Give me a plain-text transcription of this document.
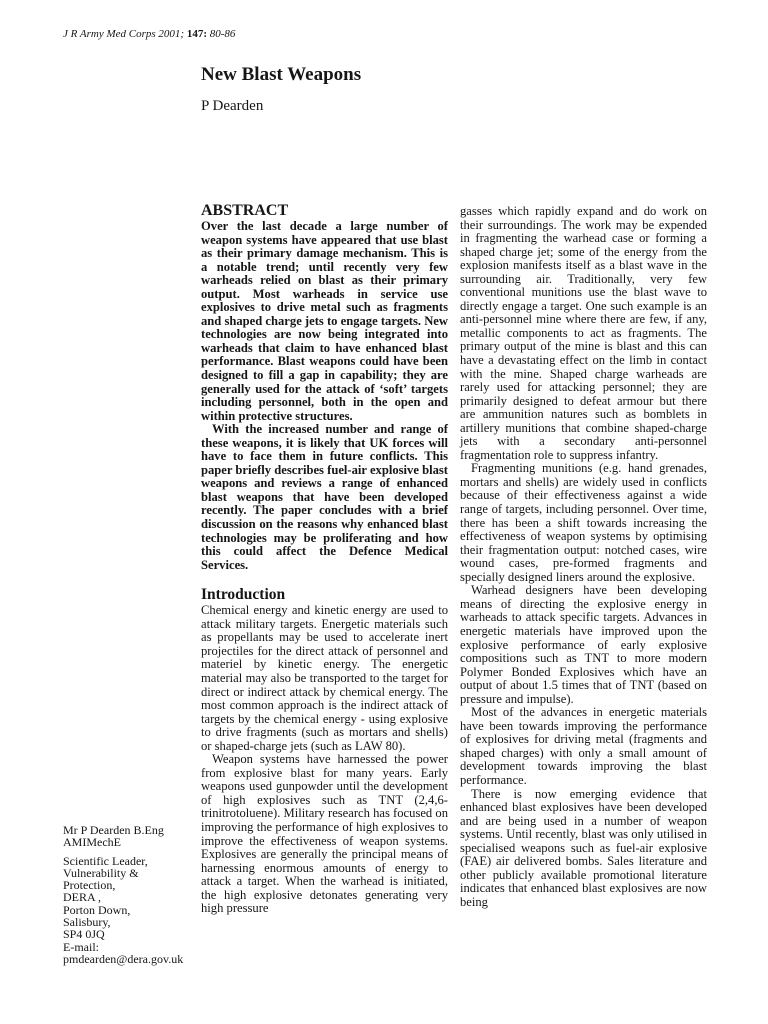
J R Army Med Corps 2001; 147: 80-86
New Blast Weapons
P Dearden
ABSTRACT

Over the last decade a large number of weapon systems have appeared that use blast as their primary damage mechanism. This is a notable trend; until recently very few warheads relied on blast as their primary output. Most warheads in service use explosives to drive metal such as fragments and shaped charge jets to engage targets. New technologies are now being integrated into warheads that claim to have enhanced blast performance. Blast weapons could have been designed to fill a gap in capability; they are generally used for the attack of ‘soft’ targets including personnel, both in the open and within protective structures.

With the increased number and range of these weapons, it is likely that UK forces will have to face them in future conflicts. This paper briefly describes fuel-air explosive blast weapons and reviews a range of enhanced blast weapons that have been developed recently. The paper concludes with a brief discussion on the reasons why enhanced blast technologies may be proliferating and how this could affect the Defence Medical Services.

Introduction

Chemical energy and kinetic energy are used to attack military targets. Energetic materials such as propellants may be used to accelerate inert projectiles for the direct attack of personnel and materiel by kinetic energy. The energetic material may also be transported to the target for direct or indirect attack by chemical energy. The most common approach is the indirect attack of targets by the chemical energy - using explosive to drive fragments (such as mortars and shells) or shaped-charge jets (such as LAW 80).

Weapon systems have harnessed the power from explosive blast for many years. Early weapons used gunpowder until the development of high explosives such as TNT (2,4,6-trinitrotoluene). Military research has focused on improving the performance of high explosives to improve the effectiveness of weapon systems. Explosives are generally the principal means of harnessing enormous amounts of energy to attack a target. When the warhead is initiated, the high explosive detonates generating very high pressure

gasses which rapidly expand and do work on their surroundings. The work may be expended in fragmenting the warhead case or forming a shaped charge jet; some of the energy from the explosion manifests itself as a blast wave in the surrounding air. Traditionally, very few conventional munitions use the blast wave to directly engage a target. One such example is an anti-personnel mine where there are few, if any, metallic components to act as fragments. The primary output of the mine is blast and this can have a devastating effect on the limb in contact with the mine. Shaped charge warheads are rarely used for attacking personnel; they are primarily designed to defeat armour but there are ammunition natures such as bomblets in artillery munitions that combine shaped-charge jets with a secondary anti-personnel fragmentation role to suppress infantry.

Fragmenting munitions (e.g. hand grenades, mortars and shells) are widely used in conflicts because of their effectiveness against a wide range of targets, including personnel. Over time, there has been a shift towards increasing the effectiveness of weapon systems by optimising their fragmentation output: notched cases, wire wound cases, pre-formed fragments and specially designed liners around the explosive.

Warhead designers have been developing means of directing the explosive energy in warheads to attack specific targets. Advances in energetic materials have improved upon the explosive performance of early explosive compositions such as TNT to more modern Polymer Bonded Explosives which have an output of about 1.5 times that of TNT (based on pressure and impulse).

Most of the advances in energetic materials have been towards improving the performance of explosives for driving metal (fragments and shaped charges) with only a small amount of development towards improving the blast performance.

There is now emerging evidence that enhanced blast explosives have been developed and are being used in a number of weapon systems. Until recently, blast was only utilised in specialised weapons such as fuel-air explosive (FAE) air delivered bombs. Sales literature and other publicly available promotional literature indicates that enhanced blast explosives are now being

Mr P Dearden B.Eng AMIMechE
Scientific Leader,
Vulnerability &
Protection,
DERA ,
Porton Down,
Salisbury,
SP4 0JQ
E-mail:
pmdearden@dera.gov.uk
